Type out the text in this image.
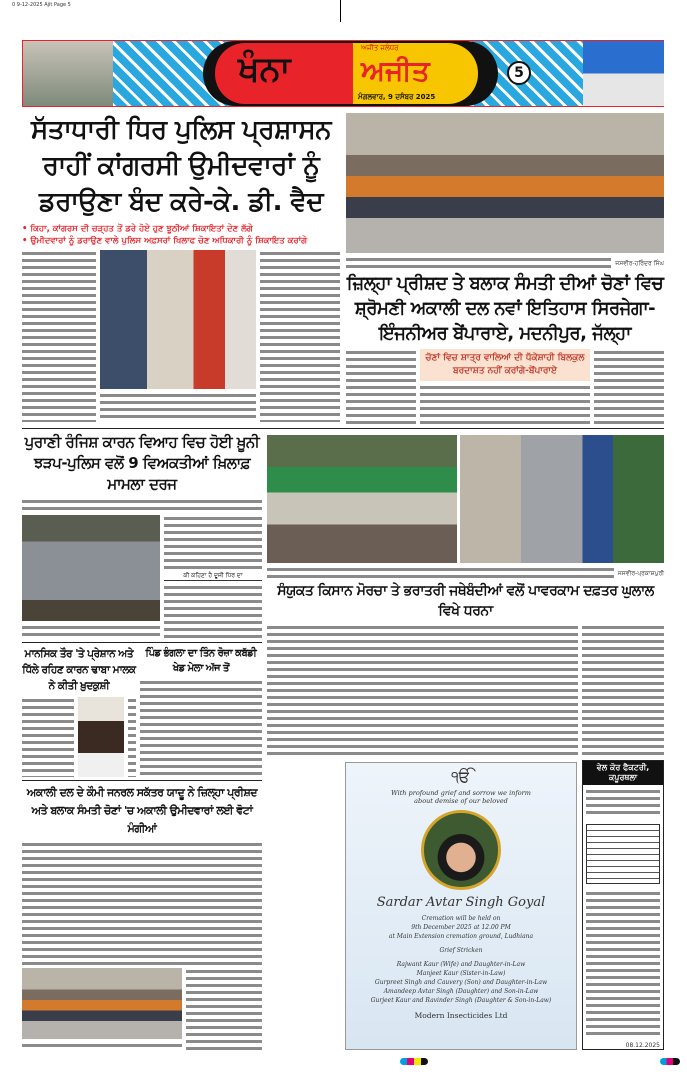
0 9-12-2025 Ajit Page 5
ਖੰਨਾ
ਅਜੀਤ ਜਲੰਧਰ
ਅਜੀਤ
ਮੰਗਲਵਾਰ, 9 ਦਸੰਬਰ 2025
5
ਸੱਤਾਧਾਰੀ ਧਿਰ ਪੁਲਿਸ ਪ੍ਰਸ਼ਾਸਨ ਰਾਹੀਂ ਕਾਂਗਰਸੀ ਉਮੀਦਵਾਰਾਂ ਨੂੰ ਡਰਾਉਣਾ ਬੰਦ ਕਰੇ-ਕੇ. ਡੀ. ਵੈਦ
• ਕਿਹਾ, ਕਾਂਗਰਸ ਦੀ ਚੜ੍ਹਤ ਤੋਂ ਡਰੇ ਹੋਏ ਹੁਣ ਝੂਠੀਆਂ ਸ਼ਿਕਾਇਤਾਂ ਦੇਣ ਲੱਗੇ
• ਉਮੀਦਵਾਰਾਂ ਨੂੰ ਡਰਾਉਣ ਵਾਲੇ ਪੁਲਿਸ ਅਫ਼ਸਰਾਂ ਖਿਲਾਫ ਚੋਣ ਅਧਿਕਾਰੀ ਨੂੰ ਸ਼ਿਕਾਇਤ ਕਰਾਂਗੇ
ਜਸਵੀਰ-ਹਰਿੰਦਰ ਸਿੰਘ
ਜ਼ਿਲ੍ਹਾ ਪ੍ਰੀਸ਼ਦ ਤੇ ਬਲਾਕ ਸੰਮਤੀ ਦੀਆਂ ਚੋਣਾਂ ਵਿਚ ਸ਼੍ਰੋਮਣੀ ਅਕਾਲੀ ਦਲ ਨਵਾਂ ਇਤਿਹਾਸ ਸਿਰਜੇਗਾ-ਇੰਜਨੀਅਰ ਬੇਂਪਾਰਾਏ, ਮਦਨੀਪੁਰ, ਜੱਲ੍ਹਾ
ਚੋਣਾਂ ਵਿਚ ਸ਼ਾਤ੍ਰ ਵਾਲਿਆਂ ਦੀ ਧੱਕੇਸ਼ਾਹੀ ਬਿਲਕੁਲ ਬਰਦਾਸ਼ਤ ਨਹੀਂ ਕਰਾਂਗੇ-ਬੇਂਪਾਰਾਏ
ਪੁਰਾਣੀ ਰੰਜਿਸ਼ ਕਾਰਨ ਵਿਆਹ ਵਿਚ ਹੋਈ ਖ਼ੂਨੀ ਝੜਪ-ਪੁਲਿਸ ਵਲੋਂ 9 ਵਿਅਕਤੀਆਂ ਖ਼ਿਲਾਫ਼ ਮਾਮਲਾ ਦਰਜ
ਕੀ ਕਹਿਣਾ ਹੈ ਦੂਜੀ ਧਿਰ ਦਾ	ਜਸਵੀਰ-ਪ੍ਰਕਾਸ਼ਪੁਰੀ
ਸੰਯੁਕਤ ਕਿਸਾਨ ਮੋਰਚਾ ਤੇ ਭਰਾਤਰੀ ਜਥੇਬੰਦੀਆਂ ਵਲੋਂ ਪਾਵਰਕਾਮ ਦਫ਼ਤਰ ਘੁਲਾਲ ਵਿਖੇ ਧਰਨਾ
ਮਾਨਸਿਕ ਤੌਰ 'ਤੇ ਪ੍ਰੇਸ਼ਾਨ ਅਤੇ ਧਿੱਲੇ ਰਹਿਣ ਕਾਰਨ ਢਾਬਾ ਮਾਲਕ ਨੇ ਕੀਤੀ ਖ਼ੁਦਕੁਸ਼ੀ
ਪਿੰਡ ਭੰਗਲਾ ਦਾ ਤਿੰਨ ਰੋਜ਼ਾ ਕਬੱਡੀ ਖੇਡ ਮੇਲਾ ਅੱਜ ਤੋਂ
ਅਕਾਲੀ ਦਲ ਦੇ ਕੌਮੀ ਜਨਰਲ ਸਕੱਤਰ ਯਾਦੂ ਨੇ ਜ਼ਿਲ੍ਹਾ ਪ੍ਰੀਸ਼ਦ ਅਤੇ ਬਲਾਕ ਸੰਮਤੀ ਚੋਣਾਂ 'ਚ ਅਕਾਲੀ ਉਮੀਦਵਾਰਾਂ ਲਈ ਵੋਟਾਂ ਮੰਗੀਆਂ
ਵੇਲ ਕੋਰ ਫੈਕਟਰੀ, ਕਪੂਰਥਲਾ
08.12.2025
ੴ
With profound grief and sorrow we inform about demise of our beloved
Sardar Avtar Singh Goyal
Cremation will be held on
9th December 2025 at 12.00 PM
at Main Extension cremation ground, Ludhiana
Grief Stricken
Rajwant Kaur (Wife) and Daughter-in-Law
Manjeet Kaur (Sister-in-Law)
Gurpreet Singh and Cauvery (Son) and Daughter-in-Law
Amandeep Avtar Singh (Daughter) and Son-in-Law
Gurjeet Kaur and Ravinder Singh (Daughter & Son-in-Law)
Modern Insecticides Ltd
